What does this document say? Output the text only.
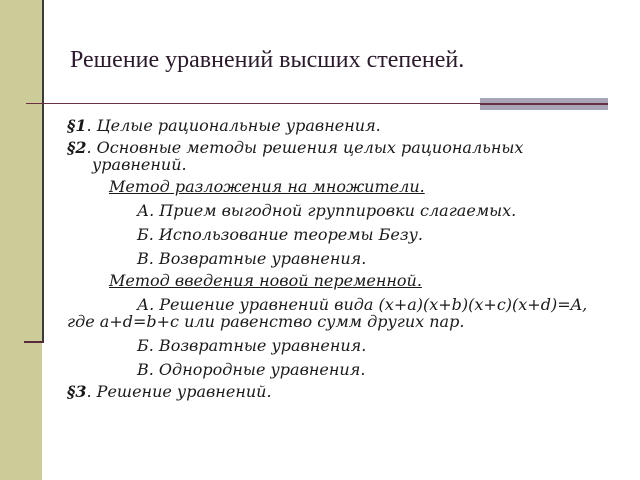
Решение уравнений высших степеней.

§1. Целые рациональные уравнения.

§2. Основные методы решения целых рациональных уравнений.

Метод разложения на множители.

А. Прием выгодной группировки слагаемых.

Б. Использование теоремы Безу.

В. Возвратные уравнения.

Метод введения новой переменной.

А. Решение уравнений вида (x+a)(x+b)(x+c)(x+d)=A, где a+d=b+c или равенство сумм других пар.

Б. Возвратные уравнения.

В. Однородные уравнения.

§3. Решение уравнений.
